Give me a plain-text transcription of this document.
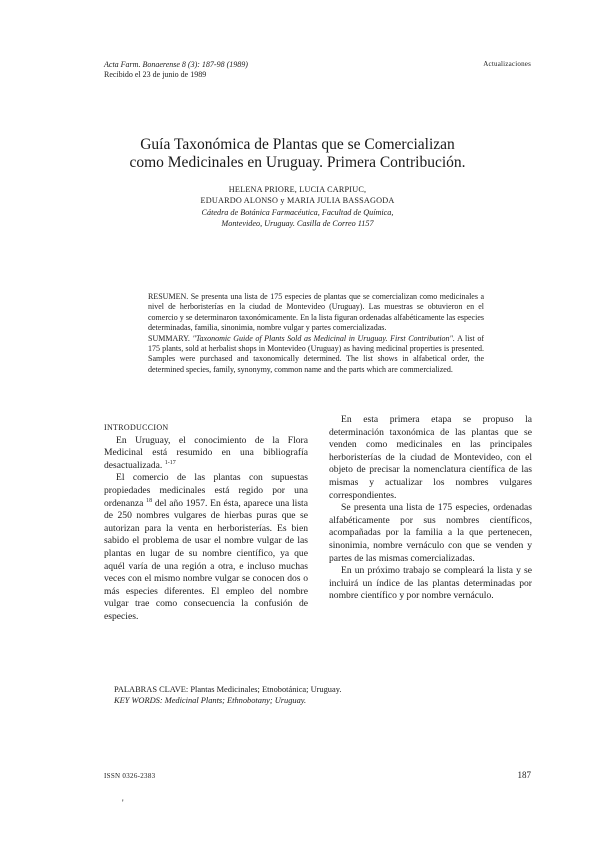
Acta Farm. Bonaerense 8 (3): 187-98 (1989)
Recibido el 23 de junio de 1989
Actualizaciones
Guía Taxonómica de Plantas que se Comercializan
como Medicinales en Uruguay. Primera Contribución.
HELENA PRIORE, LUCIA CARPIUC,
EDUARDO ALONSO y MARIA JULIA BASSAGODA
Cátedra de Botánica Farmacéutica, Facultad de Química,
Montevideo, Uruguay. Casilla de Correo 1157

RESUMEN. Se presenta una lista de 175 especies de plantas que se comercializan como medicinales a nivel de herboristerías en la ciudad de Montevideo (Uruguay). Las muestras se obtuvieron en el comercio y se determinaron taxonómicamente. En la lista figuran ordenadas alfabéticamente las especies determinadas, familia, sinonimia, nombre vulgar y partes comercializadas.

SUMMARY. "Taxonomic Guide of Plants Sold as Medicinal in Uruguay. First Contribution". A list of 175 plants, sold at herbalist shops in Montevideo (Uruguay) as having medicinal properties is presented. Samples were purchased and taxonomically determined. The list shows in alfabetical order, the determined species, family, synonymy, common name and the parts which are commercialized.

INTRODUCCION

En Uruguay, el conocimiento de la Flora Medicinal está resumido en una bibliografía desactualizada. $^{1-17}$

El comercio de las plantas con supuestas propiedades medicinales está regido por una ordenanza $^{18}$ del año 1957. En ésta, aparece una lista de 250 nombres vulgares de hierbas puras que se autorizan para la venta en herboristerías. Es bien sabido el problema de usar el nombre vulgar de las plantas en lugar de su nombre científico, ya que aquél varía de una región a otra, e incluso muchas veces con el mismo nombre vulgar se conocen dos o más especies diferentes. El empleo del nombre vulgar trae como consecuencia la confusión de especies.

En esta primera etapa se propuso la determinación taxonómica de las plantas que se venden como medicinales en las principales herboristerías de la ciudad de Montevideo, con el objeto de precisar la nomenclatura científica de las mismas y actualizar los nombres vulgares correspondientes.

Se presenta una lista de 175 especies, ordenadas alfabéticamente por sus nombres científicos, acompañadas por la familia a la que pertenecen, sinonimia, nombre vernáculo con que se venden y partes de las mismas comercializadas.

En un próximo trabajo se compleará la lista y se incluirá un índice de las plantas determinadas por nombre científico y por nombre vernáculo.

PALABRAS CLAVE: Plantas Medicinales; Etnobotánica; Uruguay.
KEY WORDS: Medicinal Plants; Ethnobotany; Uruguay.
ISSN 0326-2383	187
'
